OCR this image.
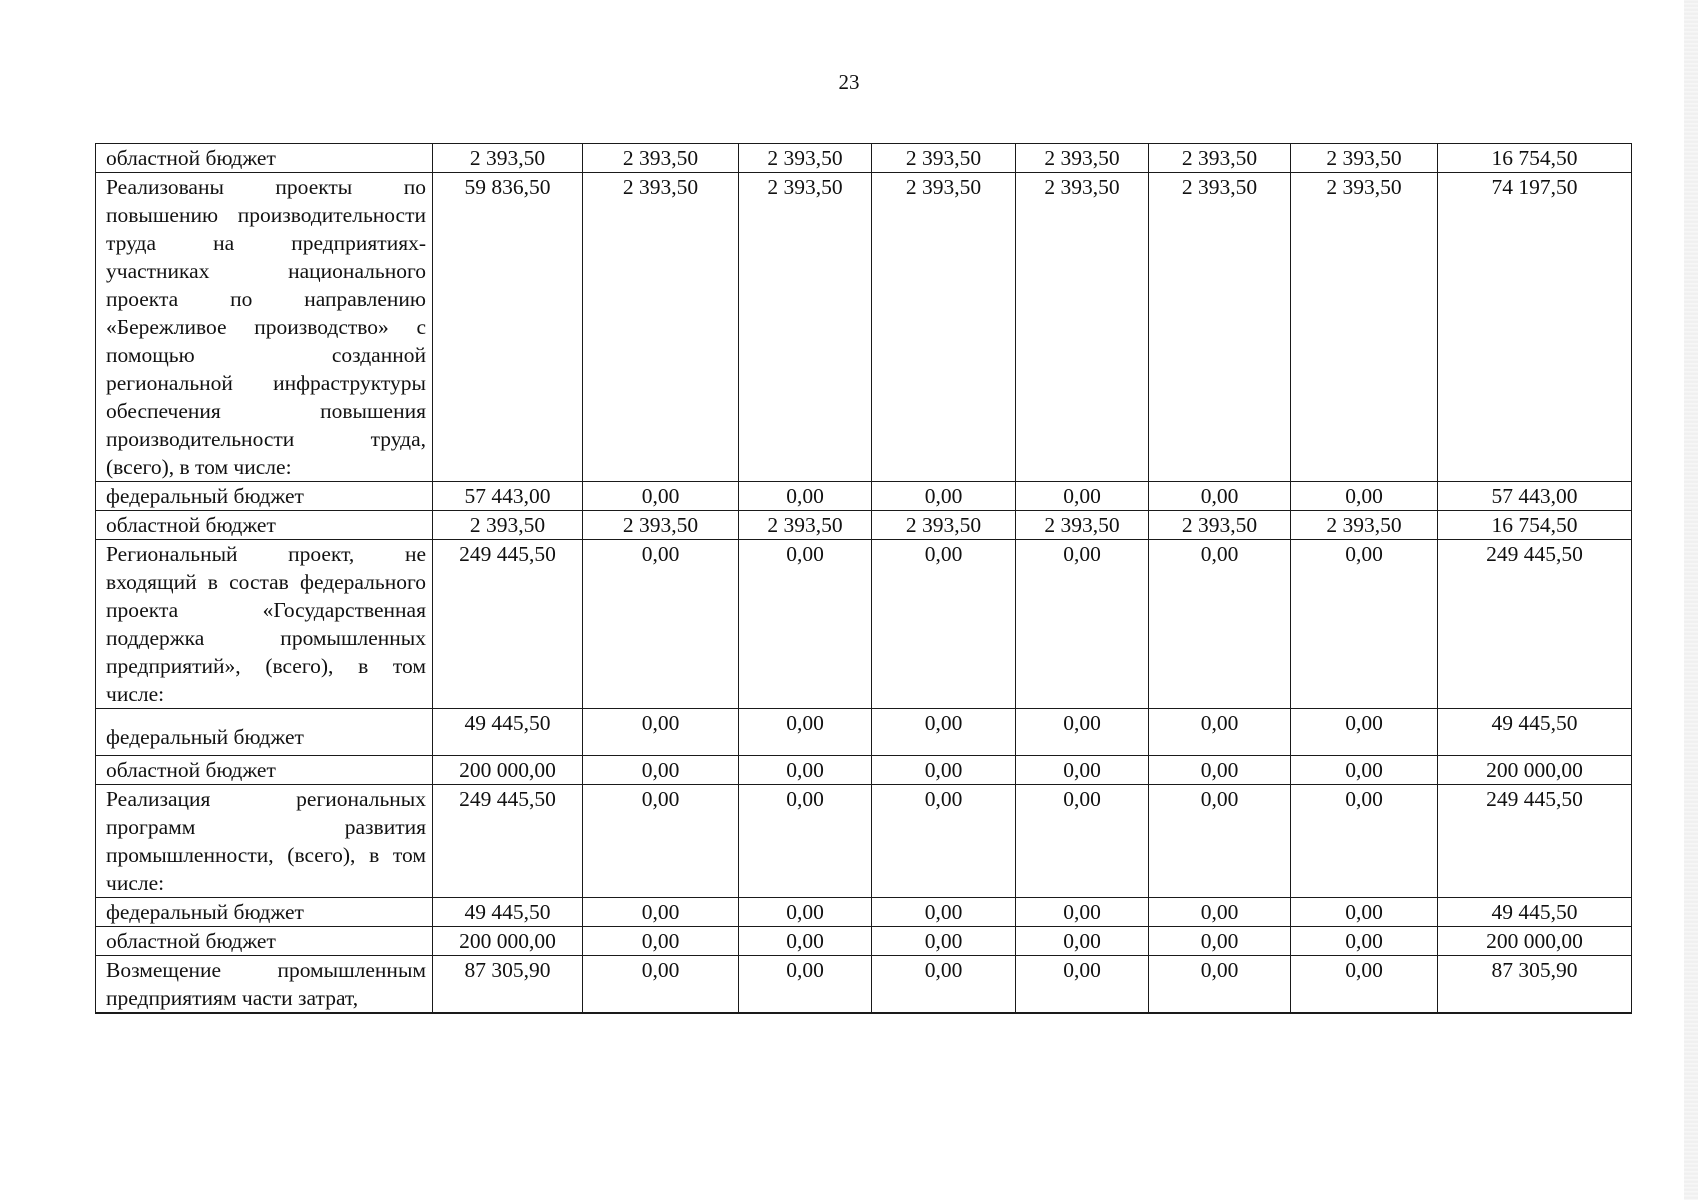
23
областной бюджет	2 393,50	2 393,50	2 393,50	2 393,50	2 393,50	2 393,50	2 393,50	16 754,50
Реализованы проекты по повышению производительности труда на предприятиях-участниках национального проекта по направлению «Бережливое производство» с помощью созданной региональной инфраструктуры обеспечения повышения производительности труда, (всего), в том числе:	59 836,50	2 393,50	2 393,50	2 393,50	2 393,50	2 393,50	2 393,50	74 197,50
федеральный бюджет	57 443,00	0,00	0,00	0,00	0,00	0,00	0,00	57 443,00
областной бюджет	2 393,50	2 393,50	2 393,50	2 393,50	2 393,50	2 393,50	2 393,50	16 754,50
Региональный проект, не входящий в состав федерального проекта «Государственная поддержка промышленных предприятий», (всего), в том числе:	249 445,50	0,00	0,00	0,00	0,00	0,00	0,00	249 445,50
федеральный бюджет	49 445,50	0,00	0,00	0,00	0,00	0,00	0,00	49 445,50
областной бюджет	200 000,00	0,00	0,00	0,00	0,00	0,00	0,00	200 000,00
Реализация региональных программ развития промышленности, (всего), в том числе:	249 445,50	0,00	0,00	0,00	0,00	0,00	0,00	249 445,50
федеральный бюджет	49 445,50	0,00	0,00	0,00	0,00	0,00	0,00	49 445,50
областной бюджет	200 000,00	0,00	0,00	0,00	0,00	0,00	0,00	200 000,00

Возмещение промышленным предприятиям части затрат,	87 305,90	0,00	0,00	0,00	0,00	0,00	0,00	87 305,90
